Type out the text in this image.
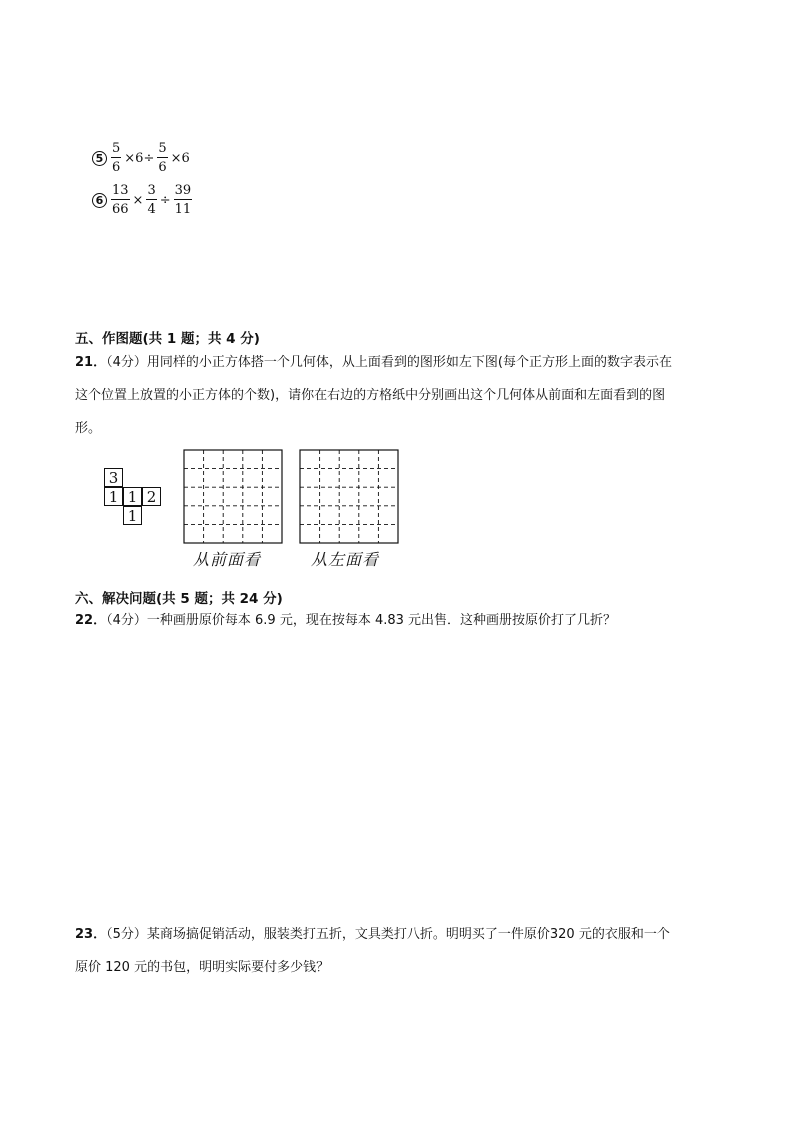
$5 \frac{5}{6} \times 6\div \frac{5}{6} \times 6$
$6 \frac{13}{66} \times \frac{3}{4} \div \frac{39}{11}$
五、作图题(共 1 题；共 4 分)
21．（4分）用同样的小正方体搭一个几何体，从上面看到的图形如左下图(每个正方形上面的数字表示在
这个位置上放置的小正方体的个数)，请你在右边的方格纸中分别画出这个几何体从前面和左面看到的图
形。
3
1 1 2
1
从前面看	从左面看
六、解决问题(共 5 题；共 24 分)
22．（4分）一种画册原价每本 6.9 元，现在按每本 4.83 元出售．这种画册按原价打了几折？
23．（5分）某商场搞促销活动，服装类打五折，文具类打八折。明明买了一件原价320 元的衣服和一个
原价 120 元的书包，明明实际要付多少钱？
